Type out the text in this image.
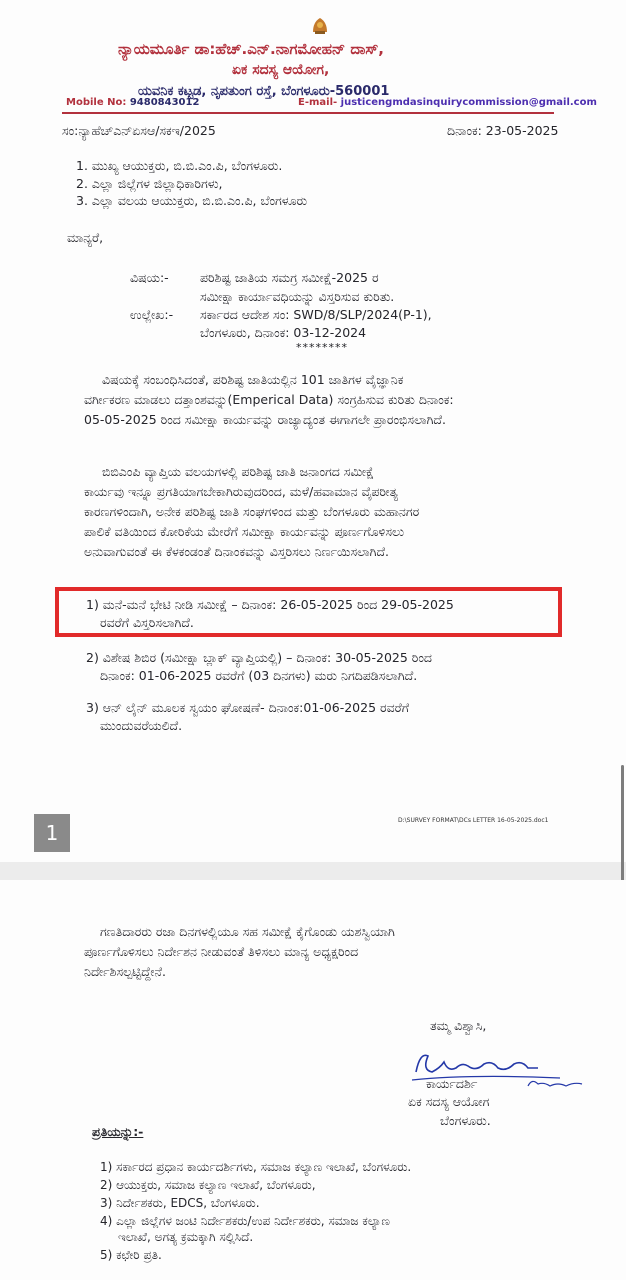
ನ್ಯಾಯಮೂರ್ತಿ ಡಾ:ಹೆಚ್.ಎನ್.ನಾಗಮೋಹನ್ ದಾಸ್,
ಏಕ ಸದಸ್ಯ ಆಯೋಗ,
ಯವನಿಕ ಕಟ್ಟಡ, ನೃಪತುಂಗ ರಸ್ತೆ, ಬೆಂಗಳೂರು-560001
Mobile No: 9480843012	E-mail- justicengmdasinquirycommission@gmail.com
ಸಂ:ನ್ಯಾಹೆಚ್ಎನ್ಏಸಆ/ಸಕಇ/2025	ದಿನಾಂಕ: 23-05-2025
1. ಮುಖ್ಯ ಆಯುಕ್ತರು, ಬಿ.ಬಿ.ಎಂ.ಪಿ, ಬೆಂಗಳೂರು.
2. ಎಲ್ಲಾ ಜಿಲ್ಲೆಗಳ ಜಿಲ್ಲಾಧಿಕಾರಿಗಳು,
3. ಎಲ್ಲಾ ವಲಯ ಆಯುಕ್ತರು, ಬಿ.ಬಿ.ಎಂ.ಪಿ, ಬೆಂಗಳೂರು
ಮಾನ್ಯರೆ,
ವಿಷಯ:-	ಪರಿಶಿಷ್ಟ ಜಾತಿಯ ಸಮಗ್ರ ಸಮೀಕ್ಷೆ-2025 ರ
ಸಮೀಕ್ಷಾ ಕಾರ್ಯಾವಧಿಯನ್ನು ವಿಸ್ತರಿಸುವ ಕುರಿತು.
ಉಲ್ಲೇಖ:- ಸರ್ಕಾರದ ಆದೇಶ ಸಂ: SWD/8/SLP/2024(P-1),
ಬೆಂಗಳೂರು, ದಿನಾಂಕ: 03-12-2024
********
ವಿಷಯಕ್ಕೆ ಸಂಬಂಧಿಸಿದಂತೆ, ಪರಿಶಿಷ್ಟ ಜಾತಿಯಲ್ಲಿನ 101 ಜಾತಿಗಳ ವೈಜ್ಞಾನಿಕ
ವರ್ಗೀಕರಣ ಮಾಡಲು ದತ್ತಾಂಶವನ್ನು(Emperical Data) ಸಂಗ್ರಹಿಸುವ ಕುರಿತು ದಿನಾಂಕ:
05-05-2025 ರಿಂದ ಸಮೀಕ್ಷಾ ಕಾರ್ಯವನ್ನು ರಾಜ್ಯಾದ್ಯಂತ ಈಗಾಗಲೇ ಪ್ರಾರಂಭಿಸಲಾಗಿದೆ.
ಬಿಬಿಎಂಪಿ ವ್ಯಾಪ್ತಿಯ ವಲಯಗಳಲ್ಲಿ ಪರಿಶಿಷ್ಟ ಜಾತಿ ಜನಾಂಗದ ಸಮೀಕ್ಷೆ
ಕಾರ್ಯವು ಇನ್ನೂ ಪ್ರಗತಿಯಾಗಬೇಕಾಗಿರುವುದರಿಂದ, ಮಳೆ/ಹವಾಮಾನ ವೈಪರೀತ್ಯ
ಕಾರಣಗಳಿಂದಾಗಿ, ಅನೇಕ ಪರಿಶಿಷ್ಟ ಜಾತಿ ಸಂಘಗಳಿಂದ ಮತ್ತು ಬೆಂಗಳೂರು ಮಹಾನಗರ
ಪಾಲಿಕೆ ವತಿಯಿಂದ ಕೋರಿಕೆಯ ಮೇರೆಗೆ ಸಮೀಕ್ಷಾ ಕಾರ್ಯವನ್ನು ಪೂರ್ಣಗೊಳಿಸಲು
ಅನುವಾಗುವಂತೆ ಈ ಕೆಳಕಂಡಂತೆ ದಿನಾಂಕವನ್ನು ವಿಸ್ತರಿಸಲು ನಿರ್ಣಯಿಸಲಾಗಿದೆ.
1) ಮನೆ-ಮನೆ ಭೇಟಿ ನೀಡಿ ಸಮೀಕ್ಷೆ – ದಿನಾಂಕ: 26-05-2025 ರಿಂದ 29-05-2025
ರವರೆಗೆ ವಿಸ್ತರಿಸಲಾಗಿದೆ.
2) ವಿಶೇಷ ಶಿಬಿರ (ಸಮೀಕ್ಷಾ ಬ್ಲಾಕ್ ವ್ಯಾಪ್ತಿಯಲ್ಲಿ) – ದಿನಾಂಕ: 30-05-2025 ರಿಂದ
ದಿನಾಂಕ: 01-06-2025 ರವರೆಗೆ (03 ದಿನಗಳು) ಮರು ನಿಗದಿಪಡಿಸಲಾಗಿದೆ.
3) ಆನ್ ಲೈನ್ ಮೂಲಕ ಸ್ವಯಂ ಘೋಷಣೆ- ದಿನಾಂಕ:01-06-2025 ರವರೆಗೆ
ಮುಂದುವರೆಯಲಿದೆ.
D:\SURVEY FORMAT\DCs LETTER 16-05-2025.doc1
1
ಗಣತಿದಾರರು ರಜಾ ದಿನಗಳಲ್ಲಿಯೂ ಸಹ ಸಮೀಕ್ಷೆ ಕೈಗೊಂಡು ಯಶಸ್ವಿಯಾಗಿ
ಪೂರ್ಣಗೊಳಿಸಲು ನಿರ್ದೇಶನ ನೀಡುವಂತೆ ತಿಳಿಸಲು ಮಾನ್ಯ ಅಧ್ಯಕ್ಷರಿಂದ
ನಿರ್ದೇಶಿಸಲ್ಪಟ್ಟಿದ್ದೇನೆ.
ತಮ್ಮ ವಿಶ್ವಾಸಿ,
ಕಾರ್ಯದರ್ಶಿ
ಏಕ ಸದಸ್ಯ ಆಯೋಗ
ಬೆಂಗಳೂರು.
ಪ್ರತಿಯನ್ನು:-
1) ಸರ್ಕಾರದ ಪ್ರಧಾನ ಕಾರ್ಯದರ್ಶಿಗಳು, ಸಮಾಜ ಕಲ್ಯಾಣ ಇಲಾಖೆ, ಬೆಂಗಳೂರು.
2) ಆಯುಕ್ತರು, ಸಮಾಜ ಕಲ್ಯಾಣ ಇಲಾಖೆ, ಬೆಂಗಳೂರು,
3) ನಿರ್ದೇಶಕರು, EDCS, ಬೆಂಗಳೂರು.
4) ಎಲ್ಲಾ ಜಿಲ್ಲೆಗಳ ಜಂಟಿ ನಿರ್ದೇಶಕರು/ಉಪ ನಿರ್ದೇಶಕರು, ಸಮಾಜ ಕಲ್ಯಾಣ
ಇಲಾಖೆ, ಅಗತ್ಯ ಕ್ರಮಕ್ಕಾಗಿ ಸಲ್ಲಿಸಿದೆ.
5) ಕಛೇರಿ ಪ್ರತಿ.
